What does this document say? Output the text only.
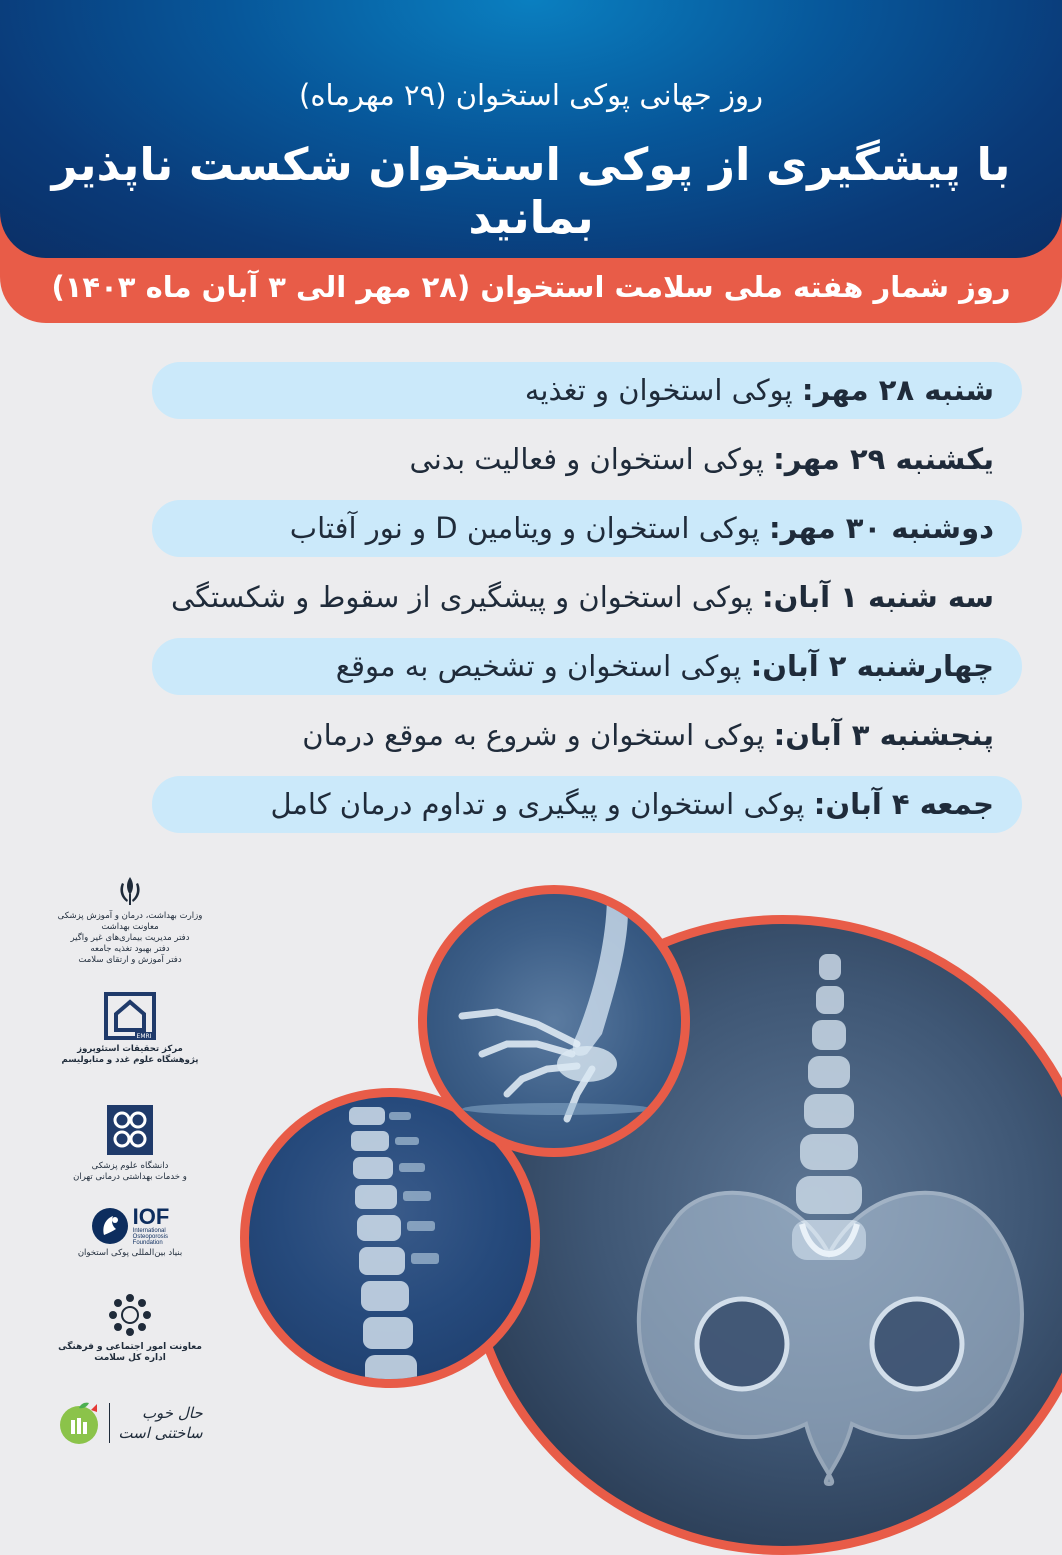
روز جهانی پوکی استخوان (۲۹ مهرماه)
با پیشگیری از پوکی استخوان شکست ناپذیر بمانید
روز شمار هفته ملی سلامت استخوان (۲۸ مهر الی ۳ آبان ماه ۱۴۰۳)
شنبه ۲۸ مهر: پوکی استخوان و تغذیه
یکشنبه ۲۹ مهر: پوکی استخوان و فعالیت بدنی
دوشنبه ۳۰ مهر: پوکی استخوان و ویتامین D و نور آفتاب
سه شنبه ۱ آبان: پوکی استخوان و پیشگیری از سقوط و شکستگی
چهارشنبه ۲ آبان: پوکی استخوان و تشخیص به موقع
پنجشنبه ۳ آبان: پوکی استخوان و شروع به موقع درمان
جمعه ۴ آبان: پوکی استخوان و پیگیری و تداوم درمان کامل
وزارت بهداشت، درمان و آموزش پزشکی
معاونت بهداشت
دفتر مدیریت بیماری‌های غیر واگیر
دفتر بهبود تغذیه جامعه
دفتر آموزش و ارتقای سلامت
EMRI
مرکز تحقیقات استئوپروز
پژوهشگاه علوم غدد و متابولیسم
دانشگاه علوم پزشکی
و خدمات بهداشتی درمانی تهران
IOF
International
Osteoporosis
Foundation
بنیاد بین‌المللی پوکی استخوان
معاونت امور اجتماعی و فرهنگی
اداره کل سلامت
حال خوب
ساختنی است
